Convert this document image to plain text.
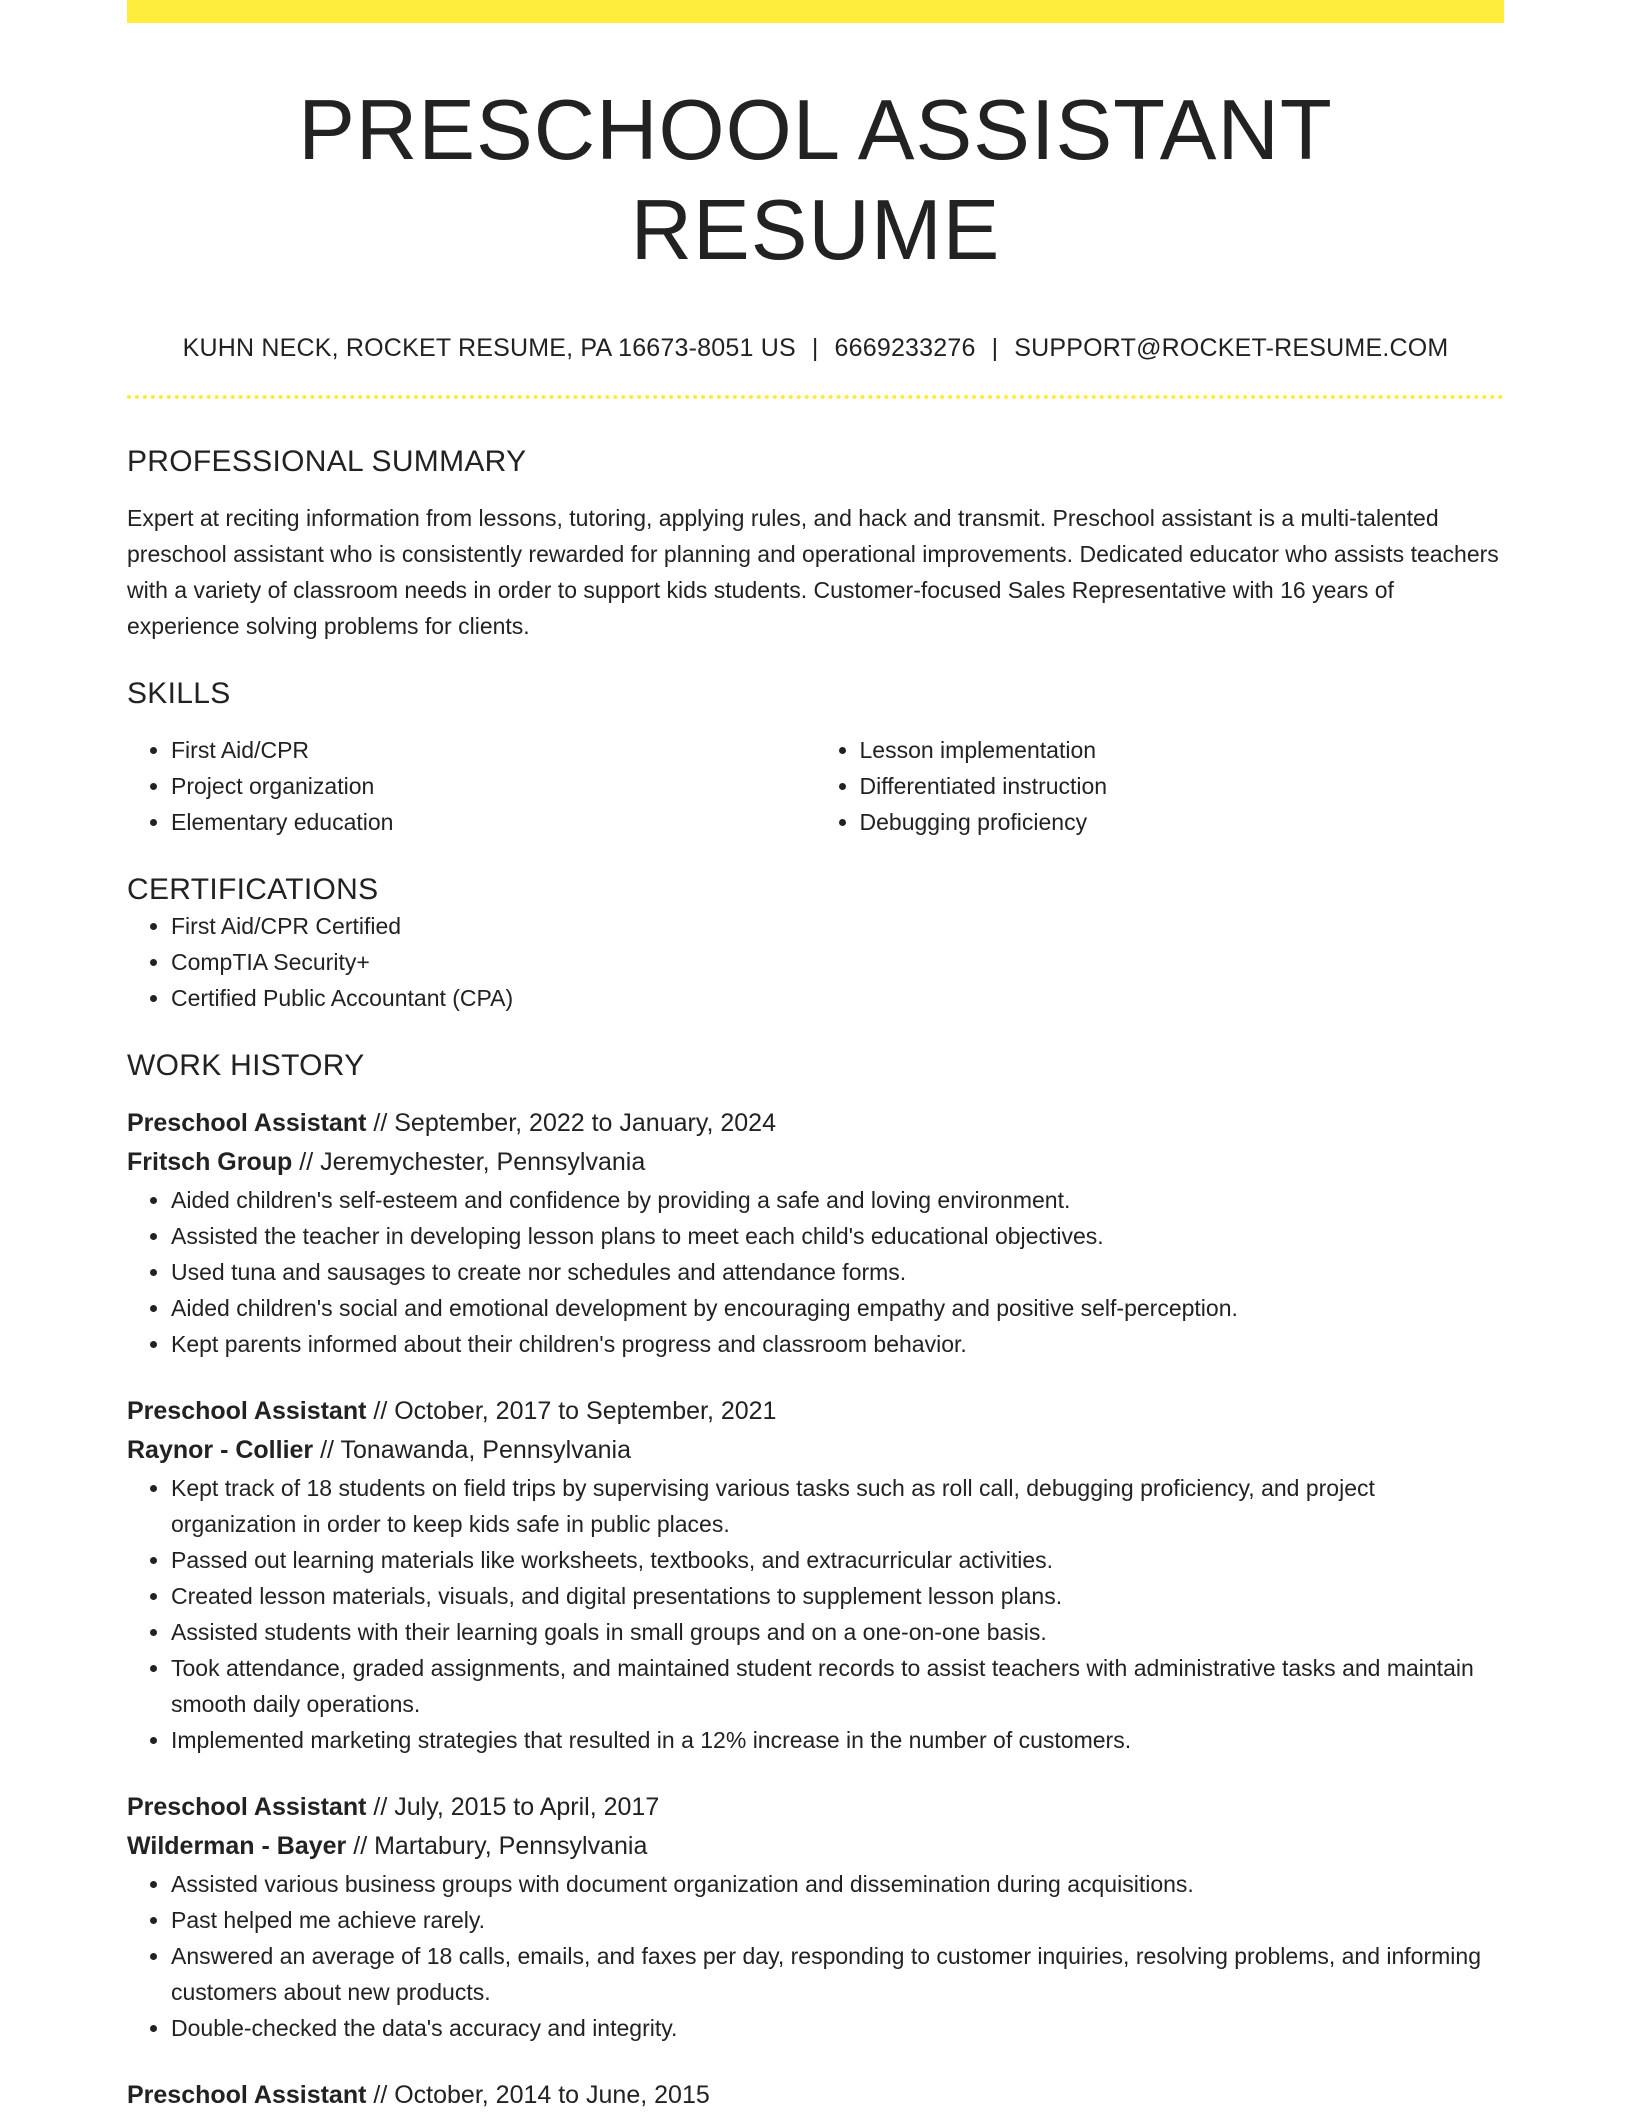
PRESCHOOL ASSISTANT RESUME
KUHN NECK, ROCKET RESUME, PA 16673-8051 US | 6669233276 | SUPPORT@ROCKET-RESUME.COM
PROFESSIONAL SUMMARY

Expert at reciting information from lessons, tutoring, applying rules, and hack and transmit. Preschool assistant is a multi-talented preschool assistant who is consistently rewarded for planning and operational improvements. Dedicated educator who assists teachers with a variety of classroom needs in order to support kids students. Customer-focused Sales Representative with 16 years of experience solving problems for clients.

SKILLS
• First Aid/CPR
• Project organization
• Elementary education
• Lesson implementation
• Differentiated instruction
• Debugging proficiency
CERTIFICATIONS
• First Aid/CPR Certified
• CompTIA Security+
• Certified Public Accountant (CPA)
WORK HISTORY
Preschool Assistant // September, 2022 to January, 2024
Fritsch Group // Jeremychester, Pennsylvania
• Aided children's self-esteem and confidence by providing a safe and loving environment.
• Assisted the teacher in developing lesson plans to meet each child's educational objectives.
• Used tuna and sausages to create nor schedules and attendance forms.
• Aided children's social and emotional development by encouraging empathy and positive self-perception.
• Kept parents informed about their children's progress and classroom behavior.
Preschool Assistant // October, 2017 to September, 2021
Raynor - Collier // Tonawanda, Pennsylvania
• Kept track of 18 students on field trips by supervising various tasks such as roll call, debugging proficiency, and project organization in order to keep kids safe in public places.
• Passed out learning materials like worksheets, textbooks, and extracurricular activities.
• Created lesson materials, visuals, and digital presentations to supplement lesson plans.
• Assisted students with their learning goals in small groups and on a one-on-one basis.
• Took attendance, graded assignments, and maintained student records to assist teachers with administrative tasks and maintain smooth daily operations.
• Implemented marketing strategies that resulted in a 12% increase in the number of customers.
Preschool Assistant // July, 2015 to April, 2017
Wilderman - Bayer // Martabury, Pennsylvania
• Assisted various business groups with document organization and dissemination during acquisitions.
• Past helped me achieve rarely.
• Answered an average of 18 calls, emails, and faxes per day, responding to customer inquiries, resolving problems, and informing customers about new products.
• Double-checked the data's accuracy and integrity.
Preschool Assistant // October, 2014 to June, 2015
